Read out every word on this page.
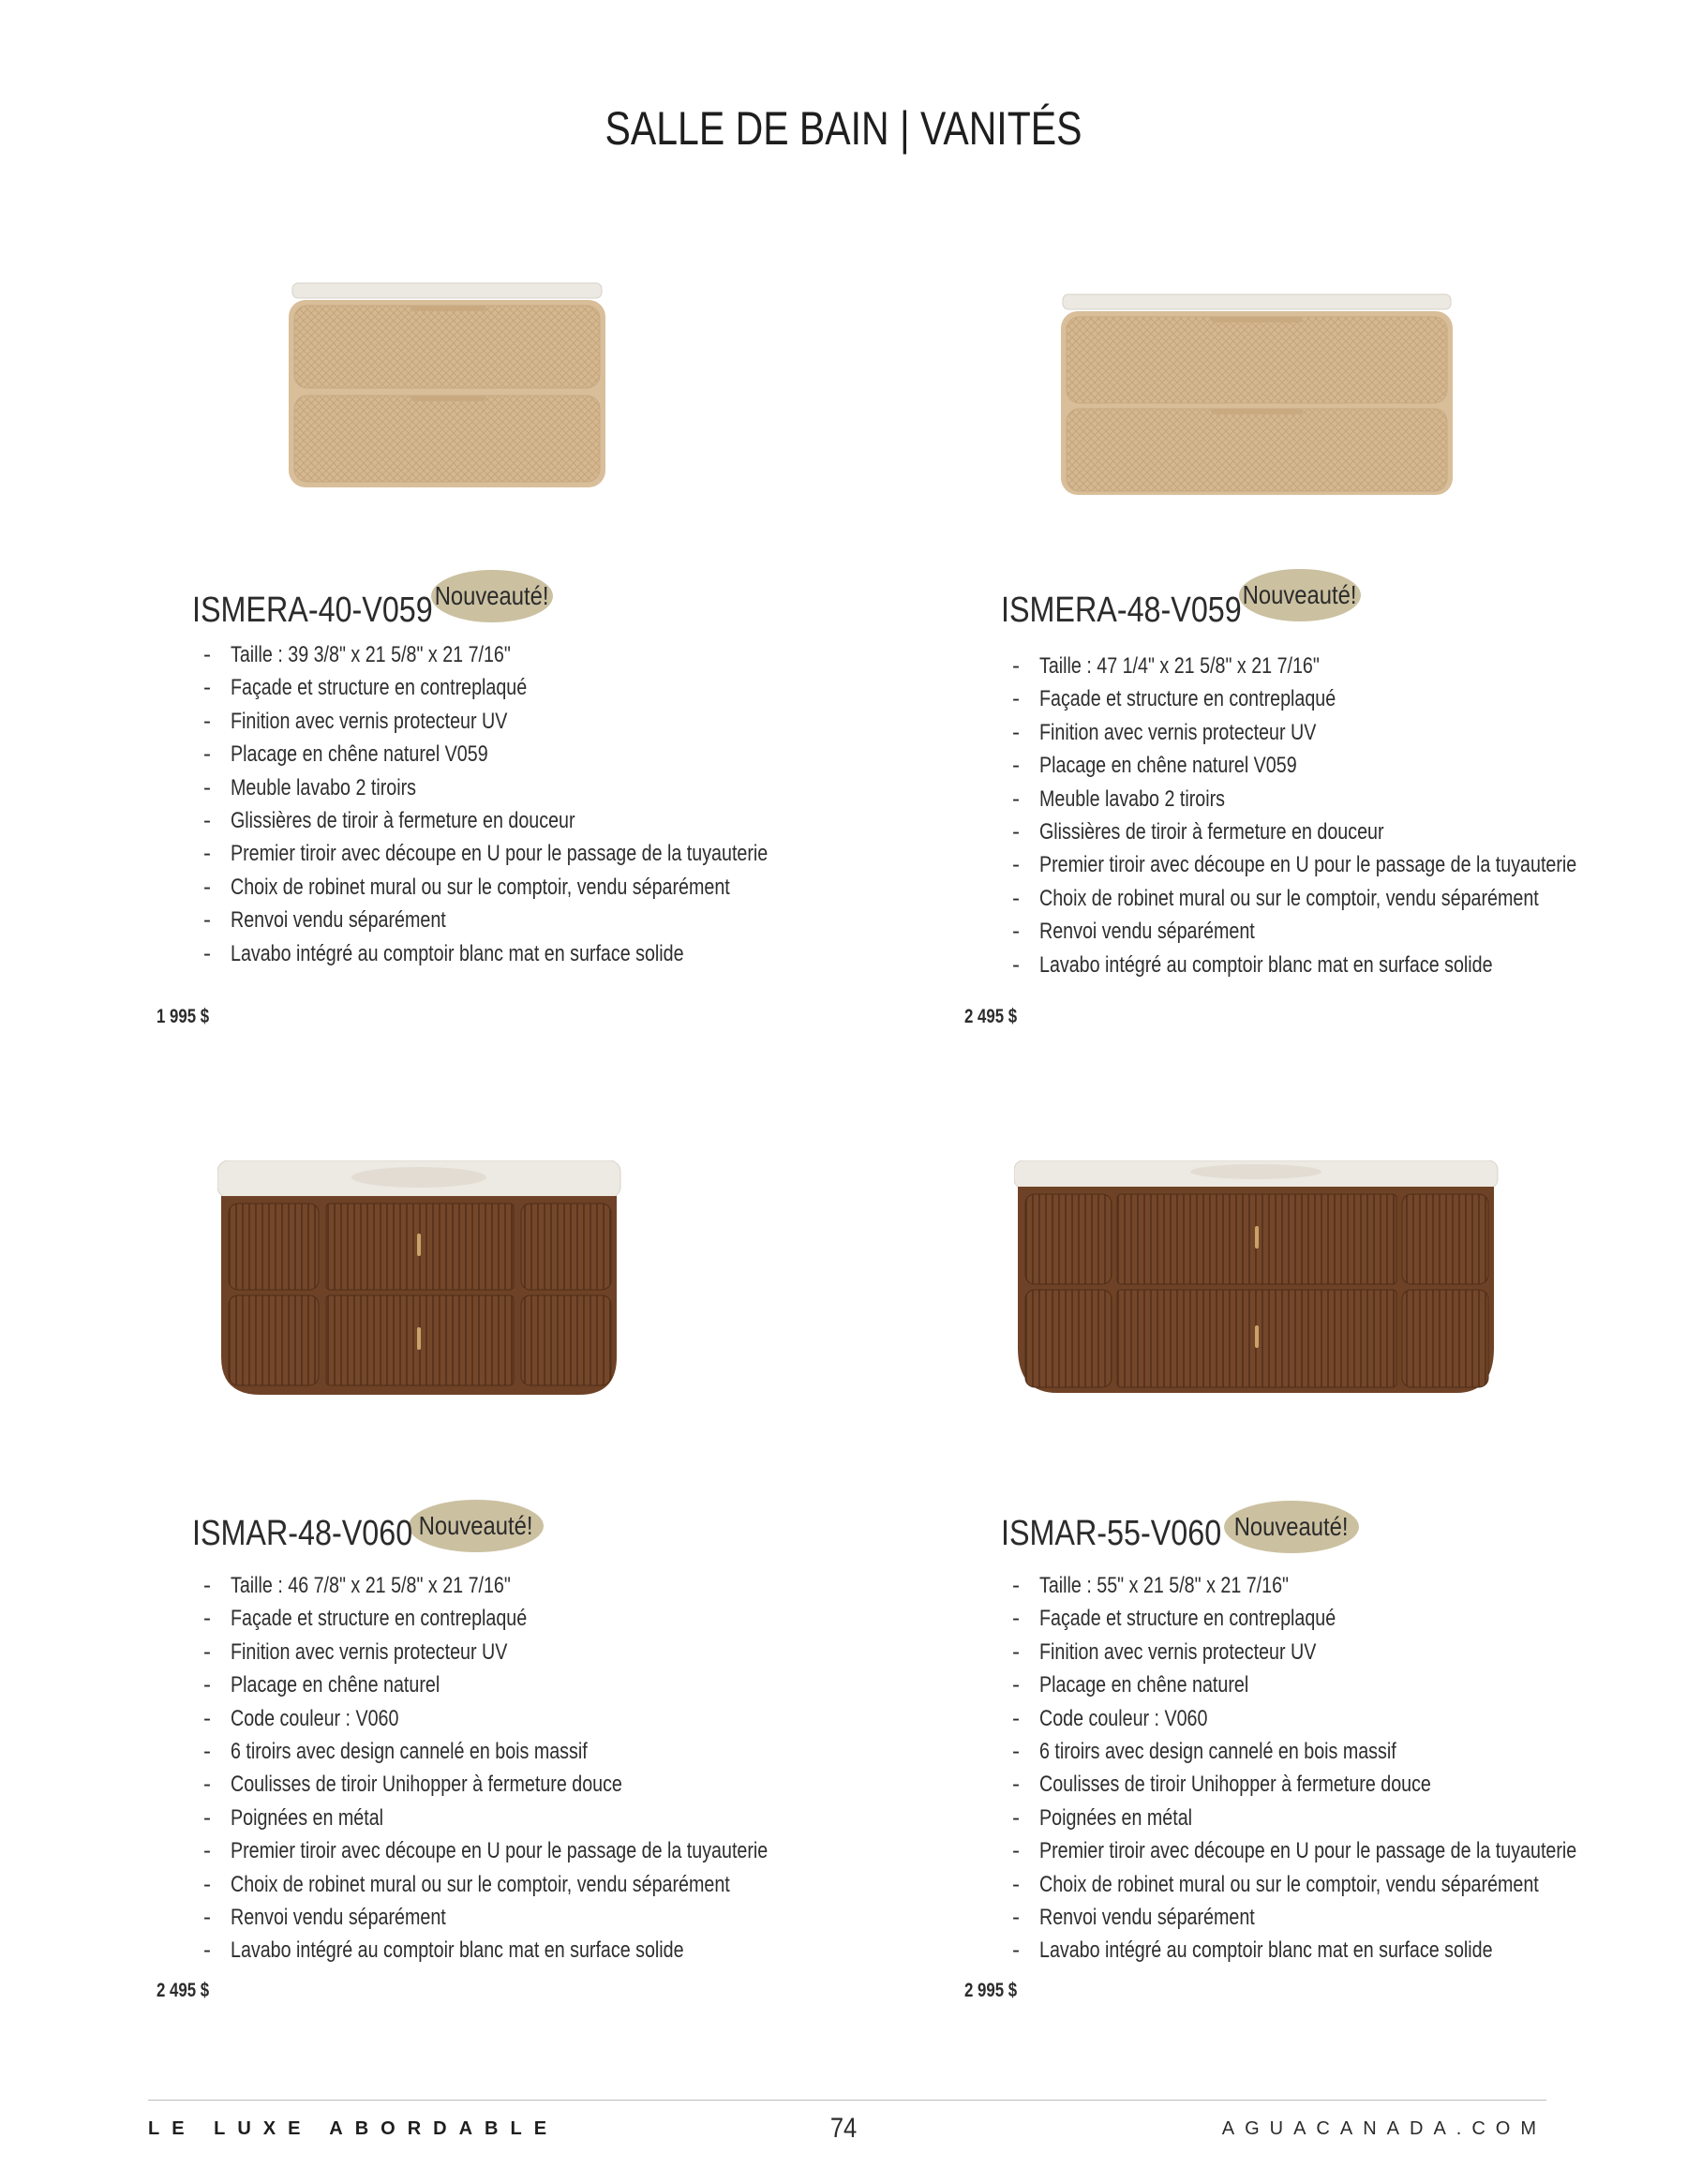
SALLE DE BAIN | VANITÉS
Nouveauté!
ISMERA-40-V059
- Taille : 39 3/8" x 21 5/8" x 21 7/16"
- Façade et structure en contreplaqué
- Finition avec vernis protecteur UV
- Placage en chêne naturel V059
- Meuble lavabo 2 tiroirs
- Glissières de tiroir à fermeture en douceur
- Premier tiroir avec découpe en U pour le passage de la tuyauterie
- Choix de robinet mural ou sur le comptoir, vendu séparément
- Renvoi vendu séparément
- Lavabo intégré au comptoir blanc mat en surface solide
1 995 $
Nouveauté!
ISMERA-48-V059
- Taille : 47 1/4" x 21 5/8" x 21 7/16"
- Façade et structure en contreplaqué
- Finition avec vernis protecteur UV
- Placage en chêne naturel V059
- Meuble lavabo 2 tiroirs
- Glissières de tiroir à fermeture en douceur
- Premier tiroir avec découpe en U pour le passage de la tuyauterie
- Choix de robinet mural ou sur le comptoir, vendu séparément
- Renvoi vendu séparément
- Lavabo intégré au comptoir blanc mat en surface solide
2 495 $
Nouveauté!
ISMAR-48-V060
- Taille : 46 7/8" x 21 5/8" x 21 7/16"
- Façade et structure en contreplaqué
- Finition avec vernis protecteur UV
- Placage en chêne naturel
- Code couleur : V060
- 6 tiroirs avec design cannelé en bois massif
- Coulisses de tiroir Unihopper à fermeture douce
- Poignées en métal
- Premier tiroir avec découpe en U pour le passage de la tuyauterie
- Choix de robinet mural ou sur le comptoir, vendu séparément
- Renvoi vendu séparément
- Lavabo intégré au comptoir blanc mat en surface solide
2 495 $
Nouveauté!
ISMAR-55-V060
- Taille : 55" x 21 5/8" x 21 7/16"
- Façade et structure en contreplaqué
- Finition avec vernis protecteur UV
- Placage en chêne naturel
- Code couleur : V060
- 6 tiroirs avec design cannelé en bois massif
- Coulisses de tiroir Unihopper à fermeture douce
- Poignées en métal
- Premier tiroir avec découpe en U pour le passage de la tuyauterie
- Choix de robinet mural ou sur le comptoir, vendu séparément
- Renvoi vendu séparément
- Lavabo intégré au comptoir blanc mat en surface solide
2 995 $
LE LUXE ABORDABLE	74	AGUACANADA.COM
